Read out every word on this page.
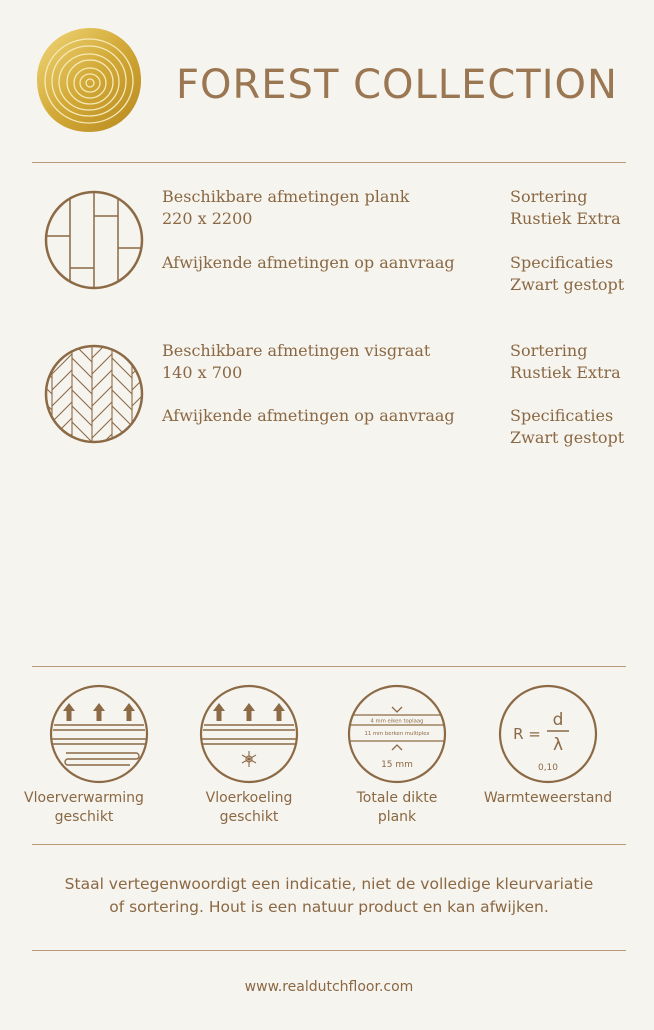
FOREST COLLECTION
Beschikbare afmetingen plank
220 x 2200
Afwijkende afmetingen op aanvraag
Sortering
Rustiek Extra
Specificaties
Zwart gestopt
Beschikbare afmetingen visgraat
140 x 700
Afwijkende afmetingen op aanvraag
Sortering
Rustiek Extra
Specificaties
Zwart gestopt
Vloerverwarming
geschikt
Vloerkoeling
geschikt
4 mm eiken toplaag
11 mm berken multiplex
15 mm
Totale dikte
plank
R =
d
λ
0,10
Warmteweerstand
Staal vertegenwoordigt een indicatie, niet de volledige kleurvariatie
of sortering. Hout is een natuur product en kan afwijken.
www.realdutchfloor.com
